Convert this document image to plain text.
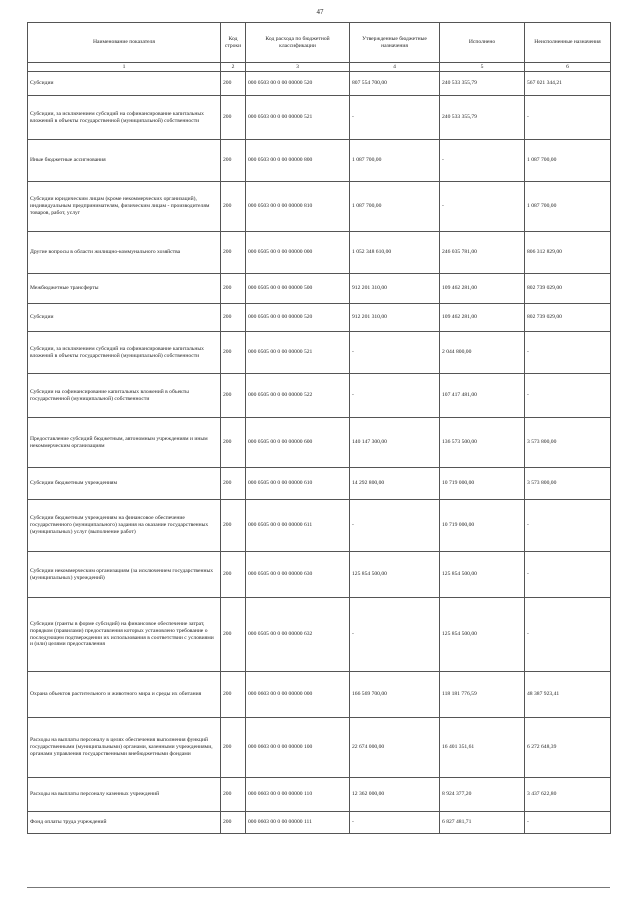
47
Наименование показателя	Код строки	Код расхода по бюджетной классификации	Утвержденные бюджетные назначения	Исполнено	Неисполненные назначения
1	2	3	4	5	6
Субсидии	200	000 0503 00 0 00 00000 520	807 554 700,00	240 533 355,79	567 021 344,21
Субсидии, за исключением субсидий на софинансирование капитальных вложений в объекты государственной (муниципальной) собственности	200	000 0503 00 0 00 00000 521	-	240 533 355,79	-
Иные бюджетные ассигнования	200	000 0503 00 0 00 00000 800	1 087 700,00	-	1 087 700,00
Субсидии юридическим лицам (кроме некоммерческих организаций), индивидуальным предпринимателям, физическим лицам - производителям товаров, работ, услуг	200	000 0503 00 0 00 00000 810	1 087 700,00	-	1 087 700,00
Другие вопросы в области жилищно-коммунального хозяйства	200	000 0505 00 0 00 00000 000	1 052 348 610,00	246 035 781,00	806 312 829,00
Межбюджетные трансферты	200	000 0505 00 0 00 00000 500	912 201 310,00	109 462 281,00	802 739 029,00
Субсидии	200	000 0505 00 0 00 00000 520	912 201 310,00	109 462 281,00	802 739 029,00
Субсидии, за исключением субсидий на софинансирование капитальных вложений в объекты государственной (муниципальной) собственности	200	000 0505 00 0 00 00000 521	-	2 044 800,00	-
Субсидии на софинансирование капитальных вложений в объекты государственной (муниципальной) собственности	200	000 0505 00 0 00 00000 522	-	107 417 481,00	-
Предоставление субсидий бюджетным, автономным учреждениям и иным некоммерческим организациям	200	000 0505 00 0 00 00000 600	140 147 300,00	136 573 500,00	3 573 800,00
Субсидии бюджетным учреждениям	200	000 0505 00 0 00 00000 610	14 292 800,00	10 719 000,00	3 573 800,00
Субсидии бюджетным учреждениям на финансовое обеспечение государственного (муниципального) задания на оказание государственных (муниципальных) услуг (выполнение работ)	200	000 0505 00 0 00 00000 611	-	10 719 000,00	-
Субсидии некоммерческим организациям (за исключением государственных (муниципальных) учреждений)	200	000 0505 00 0 00 00000 630	125 854 500,00	125 854 500,00	-
Субсидии (гранты в форме субсидий) на финансовое обеспечение затрат, порядком (правилами) предоставления которых установлено требование о последующем подтверждении их использования в соответствии с условиями и (или) целями предоставления	200	000 0505 00 0 00 00000 632	-	125 854 500,00	-
Охрана объектов растительного и животного мира и среды их обитания	200	000 0603 00 0 00 00000 000	166 569 700,00	118 181 776,59	48 387 923,41
Расходы на выплаты персоналу в целях обеспечения выполнения функций государственными (муниципальными) органами, казенными учреждениями, органами управления государственными внебюджетными фондами	200	000 0603 00 0 00 00000 100	22 674 000,00	16 401 351,61	6 272 648,39
Расходы на выплаты персоналу казенных учреждений	200	000 0603 00 0 00 00000 110	12 362 000,00	8 924 377,20	3 437 622,80
Фонд оплаты труда учреждений	200	000 0603 00 0 00 00000 111	-	6 827 481,71	-
